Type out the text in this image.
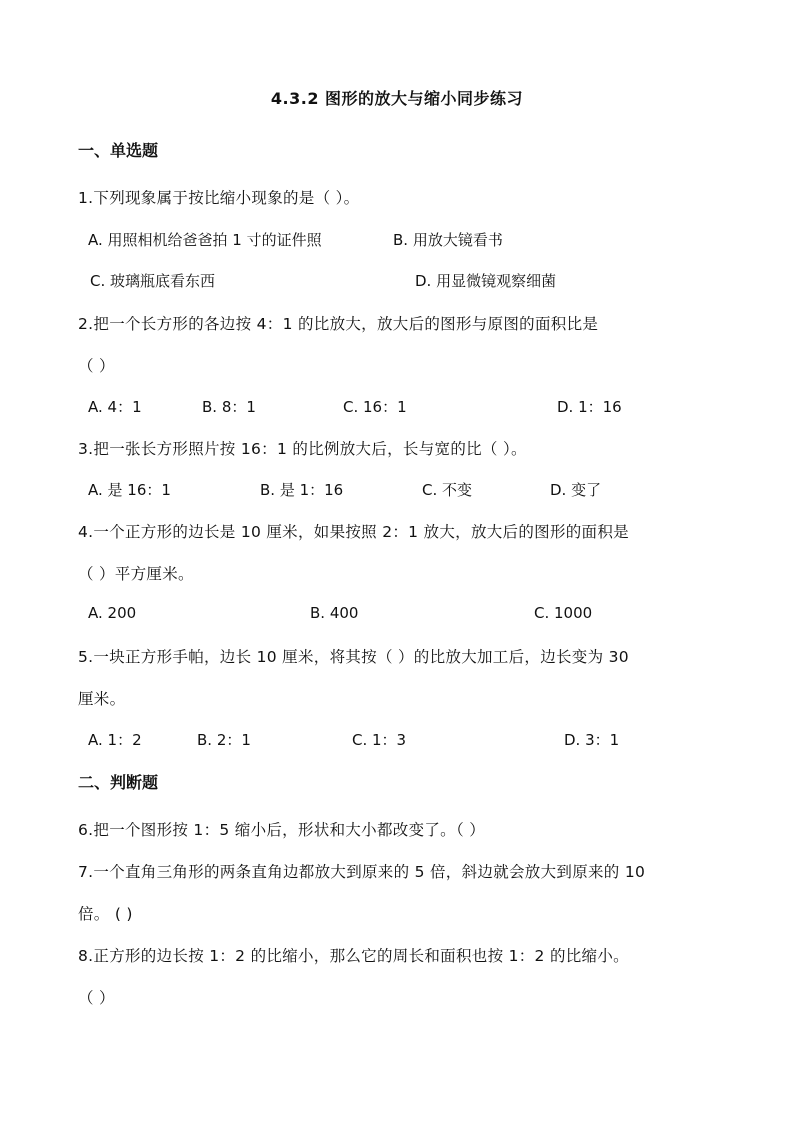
4.3.2 图形的放大与缩小同步练习
一、单选题
1.下列现象属于按比缩小现象的是（ ）。
A. 用照相机给爸爸拍 1 寸的证件照	B. 用放大镜看书
C. 玻璃瓶底看东西	D. 用显微镜观察细菌
2.把一个长方形的各边按 4：1 的比放大，放大后的图形与原图的面积比是
（ ）
A. 4：1	B. 8：1	C. 16：1	D. 1：16
3.把一张长方形照片按 16：1 的比例放大后，长与宽的比（ ）。
A. 是 16：1	B. 是 1：16	C. 不变	D. 变了
4.一个正方形的边长是 10 厘米，如果按照 2：1 放大，放大后的图形的面积是
（ ）平方厘米。
A. 200	B. 400	C. 1000
5.一块正方形手帕，边长 10 厘米，将其按（ ）的比放大加工后，边长变为 30
厘米。
A. 1：2	B. 2：1	C. 1：3	D. 3：1
二、判断题
6.把一个图形按 1：5 缩小后，形状和大小都改变了。（ ）
7.一个直角三角形的两条直角边都放大到原来的 5 倍，斜边就会放大到原来的 10
倍。 ( )
8.正方形的边长按 1：2 的比缩小，那么它的周长和面积也按 1：2 的比缩小。
（ ）
